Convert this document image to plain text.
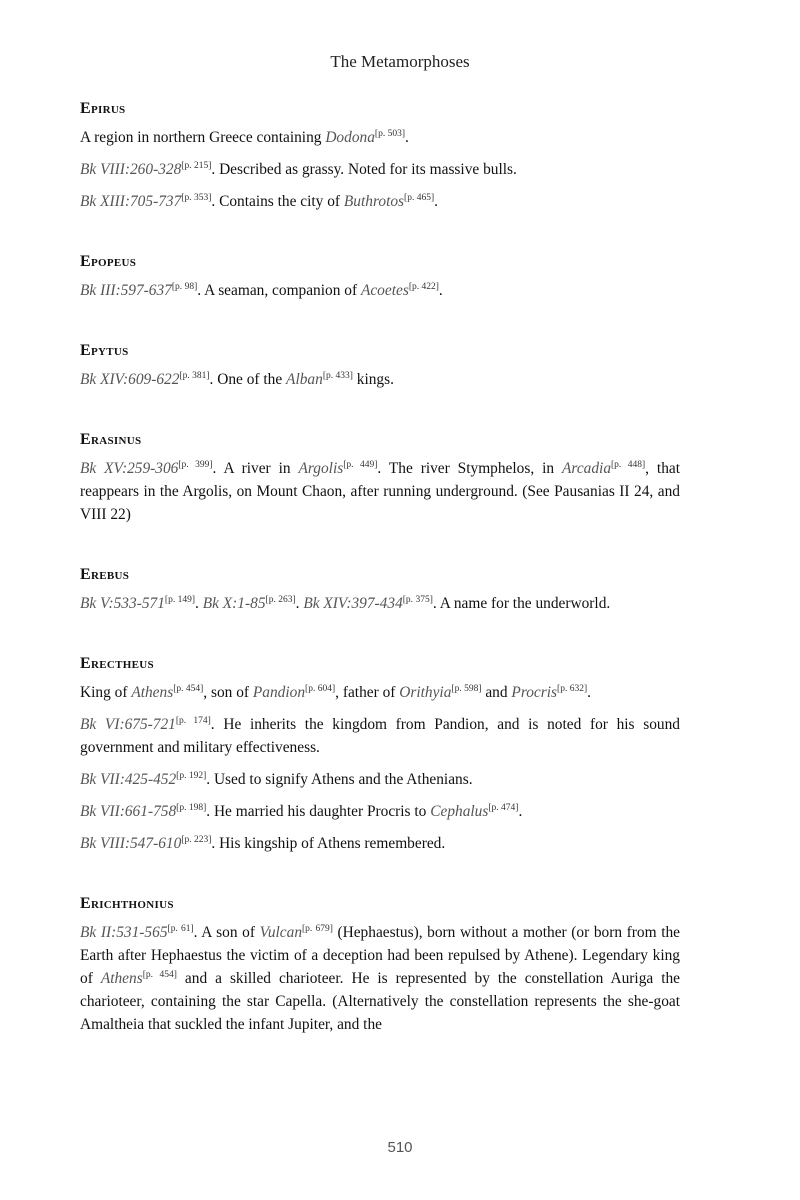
The Metamorphoses
Epirus

A region in northern Greece containing Dodona [p. $^{503}$ ] .

Bk VIII:260-328 [p. $^{215}$ ] . Described as grassy. Noted for its massive bulls.

Bk XIII:705-737 [p. $^{353}$ ] . Contains the city of Buthrotos [p. $^{465}$ ] .

Epopeus

Bk III:597-637 [p. $^{98}$ ] . A seaman, companion of Acoetes [p. $^{422}$ ] .

Epytus

Bk XIV:609-622 [p. $^{381}$ ] . One of the Alban [p. $^{433}$ ] kings.

Erasinus

Bk XV:259-306 [p. $^{399}$ ] . A river in Argolis [p. $^{449}$ ] . The river Stymphelos, in Arcadia [p. $^{448}$ ] , that reappears in the Argolis, on Mount Chaon, after running underground. (See Pausanias II 24, and VIII 22)

Erebus

Bk V:533-571 [p. $^{149}$ ] . Bk X:1-85 [p. $^{263}$ ] . Bk XIV:397-434 [p. $^{375}$ ] . A name for the underworld.

Erectheus

King of Athens [p. $^{454}$ ] , son of Pandion [p. $^{604}$ ] , father of Orithyia [p. $^{598}$ ] and Procris [p. $^{632}$ ] .

Bk VI:675-721 [p. $^{174}$ ] . He inherits the kingdom from Pandion, and is noted for his sound government and military effectiveness.

Bk VII:425-452 [p. $^{192}$ ] . Used to signify Athens and the Athenians.

Bk VII:661-758 [p. $^{198}$ ] . He married his daughter Procris to Cephalus [p. $^{474}$ ] .

Bk VIII:547-610 [p. $^{223}$ ] . His kingship of Athens remembered.

Erichthonius

Bk II:531-565 [p. $^{61}$ ] . A son of Vulcan [p. $^{679}$ ] (Hephaestus), born without a mother (or born from the Earth after Hephaestus the victim of a deception had been repulsed by Athene). Legendary king of Athens [p. $^{454}$ ] and a skilled charioteer. He is represented by the constellation Auriga the charioteer, containing the star Capella. (Alternatively the constellation represents the she-goat Amaltheia that suckled the infant Jupiter, and the

510
